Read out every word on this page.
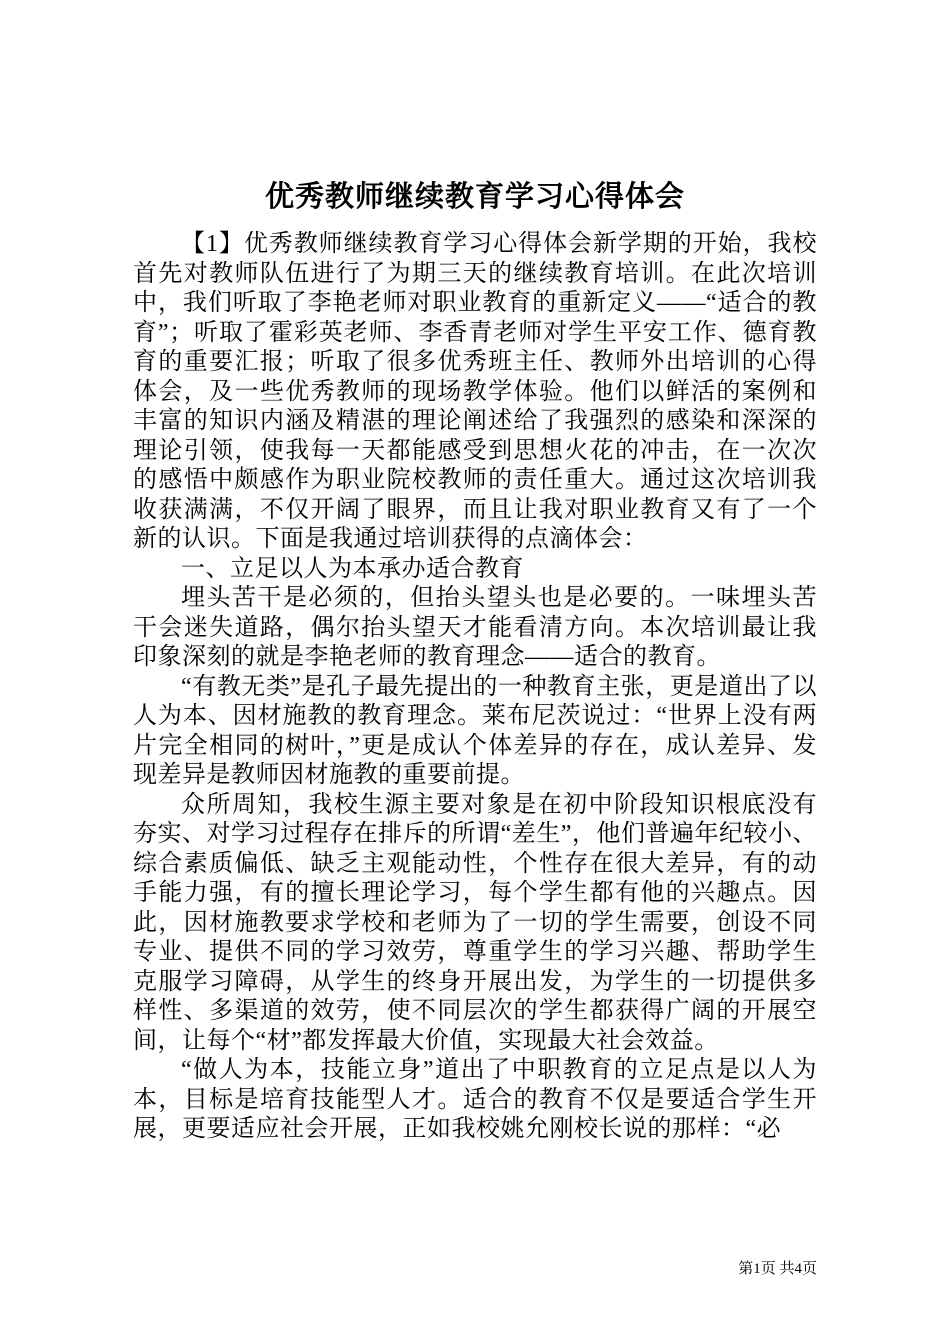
优秀教师继续教育学习心得体会

【1】优秀教师继续教育学习心得体会新学期的开始，我校首先对教师队伍进行了为期三天的继续教育培训。在此次培训中，我们听取了李艳老师对职业教育的重新定义——“适合的教育”；听取了霍彩英老师、李香青老师对学生平安工作、德育教育的重要汇报；听取了很多优秀班主任、教师外出培训的心得体会，及一些优秀教师的现场教学体验。他们以鲜活的案例和丰富的知识内涵及精湛的理论阐述给了我强烈的感染和深深的理论引领，使我每一天都能感受到思想火花的冲击，在一次次的感悟中颇感作为职业院校教师的责任重大。通过这次培训我收获满满，不仅开阔了眼界，而且让我对职业教育又有了一个新的认识。下面是我通过培训获得的点滴体会：

一、立足以人为本承办适合教育

埋头苦干是必须的，但抬头望头也是必要的。一味埋头苦干会迷失道路，偶尔抬头望天才能看清方向。本次培训最让我印象深刻的就是李艳老师的教育理念——适合的教育。

“有教无类”是孔子最先提出的一种教育主张，更是道出了以人为本、因材施教的教育理念。莱布尼茨说过：“世界上没有两片完全相同的树叶，”更是成认个体差异的存在，成认差异、发现差异是教师因材施教的重要前提。

众所周知，我校生源主要对象是在初中阶段知识根底没有夯实、对学习过程存在排斥的所谓“差生”，他们普遍年纪较小、综合素质偏低、缺乏主观能动性，个性存在很大差异，有的动手能力强，有的擅长理论学习，每个学生都有他的兴趣点。因此，因材施教要求学校和老师为了一切的学生需要，创设不同专业、提供不同的学习效劳，尊重学生的学习兴趣、帮助学生克服学习障碍，从学生的终身开展出发，为学生的一切提供多样性、多渠道的效劳，使不同层次的学生都获得广阔的开展空间，让每个“材”都发挥最大价值，实现最大社会效益。

“做人为本，技能立身”道出了中职教育的立足点是以人为本，目标是培育技能型人才。适合的教育不仅是要适合学生开展，更要适应社会开展，正如我校姚允刚校长说的那样：“必

第1页 共4页
